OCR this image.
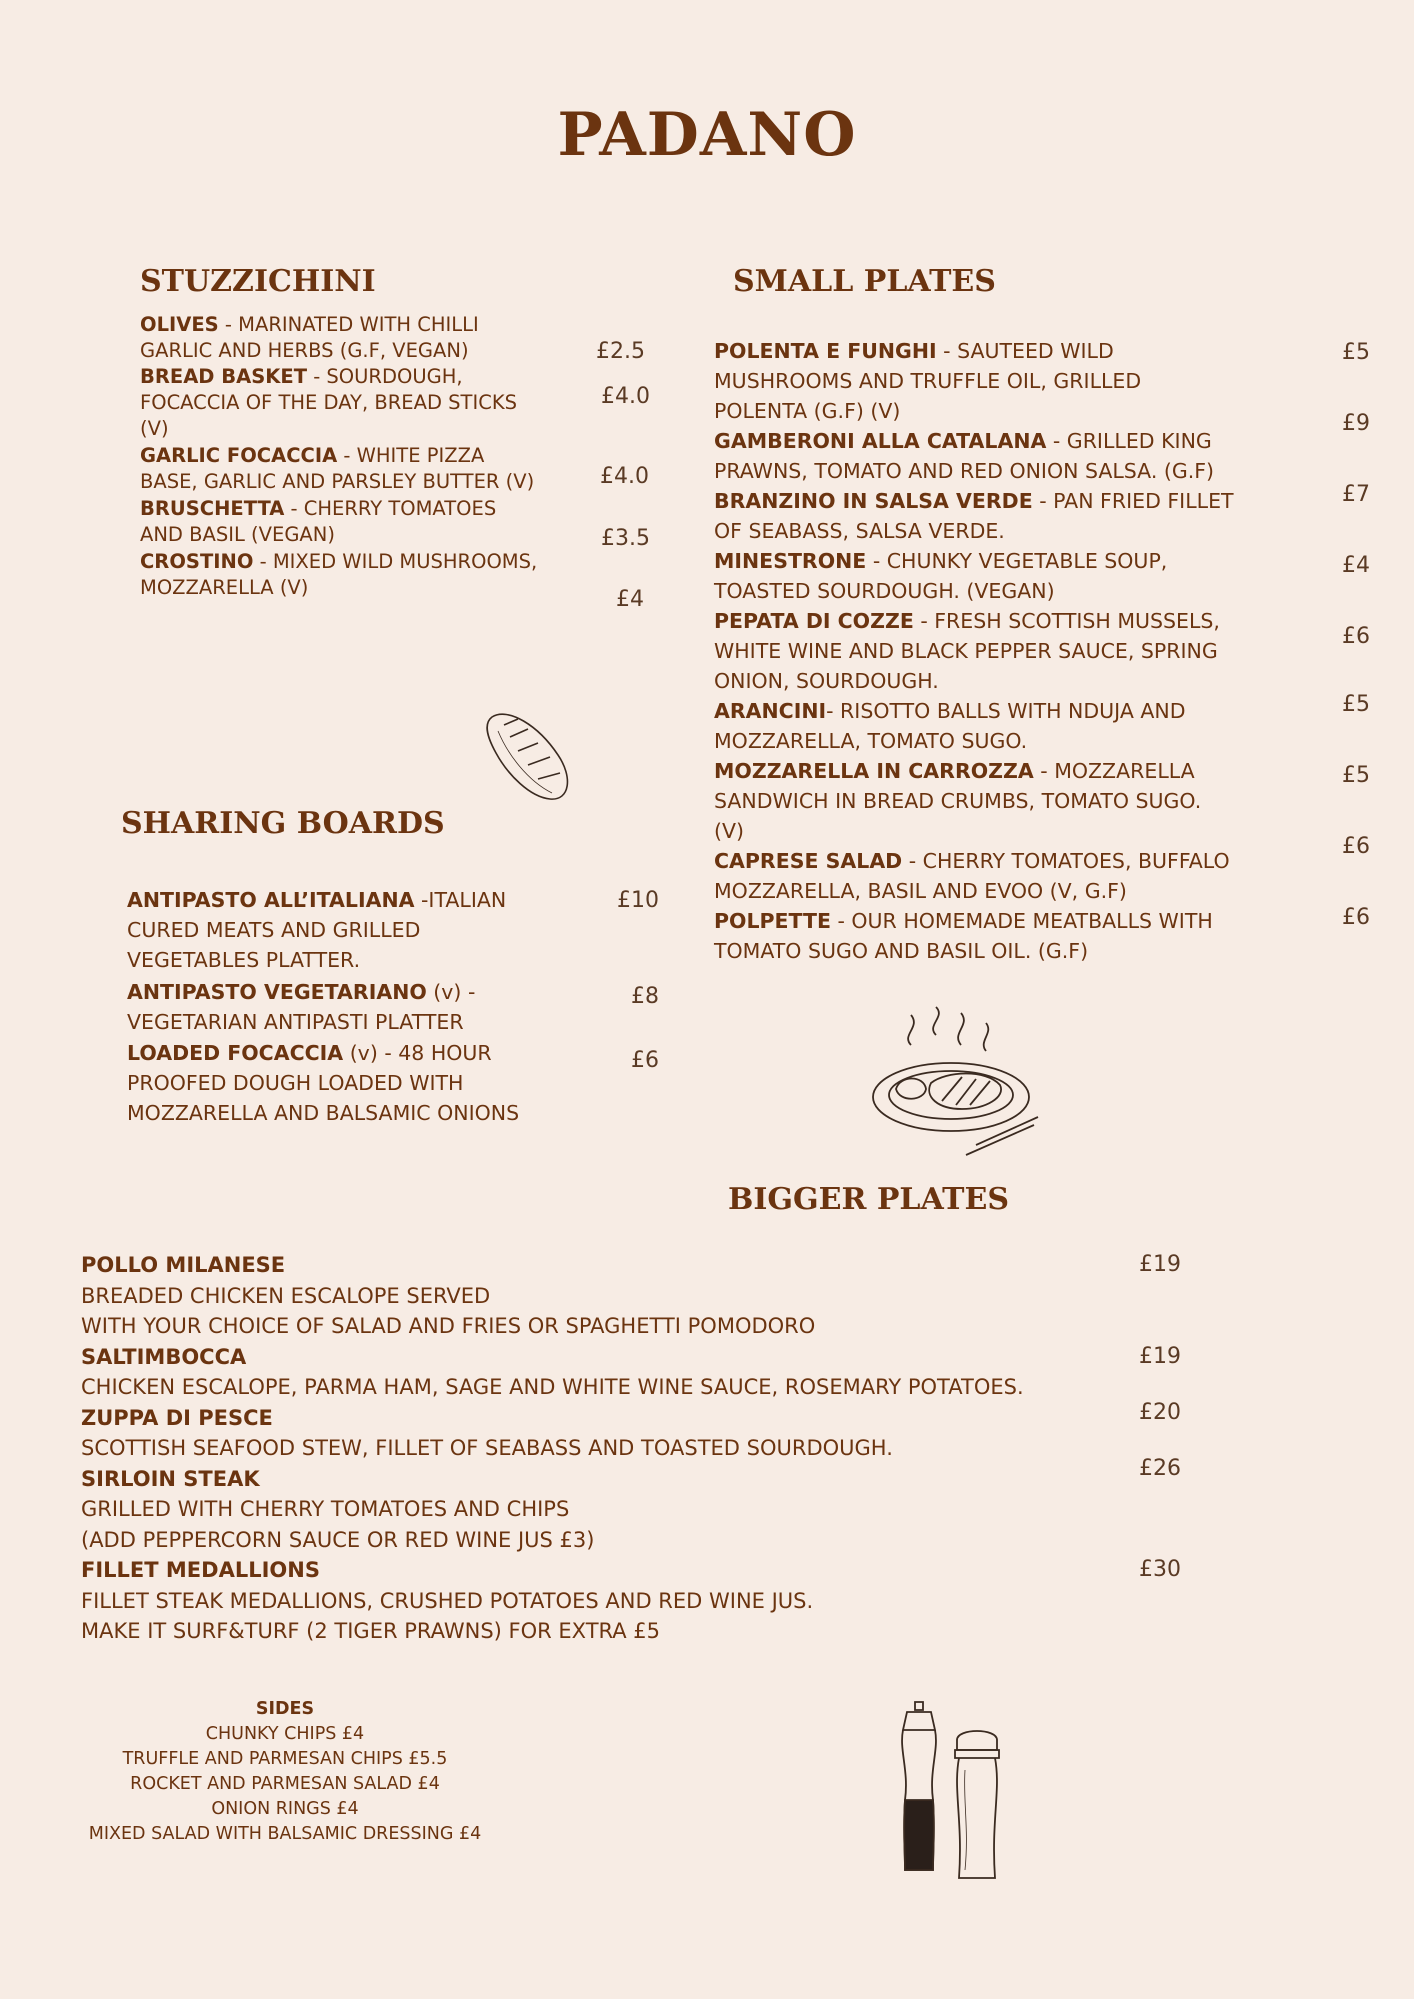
PADANO
STUZZICHINI
OLIVES - MARINATED WITH CHILLI GARLIC AND HERBS (G.F, VEGAN)
BREAD BASKET - SOURDOUGH, FOCACCIA OF THE DAY, BREAD STICKS (V)
GARLIC FOCACCIA - WHITE PIZZA BASE, GARLIC AND PARSLEY BUTTER (V)
BRUSCHETTA - CHERRY TOMATOES AND BASIL (VEGAN)
CROSTINO - MIXED WILD MUSHROOMS, MOZZARELLA (V)
£2.5
£4.0
£4.0
£3.5
£4
SHARING BOARDS
ANTIPASTO ALL’ITALIANA -ITALIAN CURED MEATS AND GRILLED VEGETABLES PLATTER.
ANTIPASTO VEGETARIANO (v) - VEGETARIAN ANTIPASTI PLATTER
LOADED FOCACCIA (v) - 48 HOUR PROOFED DOUGH LOADED WITH MOZZARELLA AND BALSAMIC ONIONS
£10
£8
£6
SMALL PLATES
POLENTA E FUNGHI - SAUTEED WILD MUSHROOMS AND TRUFFLE OIL, GRILLED POLENTA (G.F) (V)
GAMBERONI ALLA CATALANA - GRILLED KING PRAWNS, TOMATO AND RED ONION SALSA. (G.F)
BRANZINO IN SALSA VERDE - PAN FRIED FILLET OF SEABASS, SALSA VERDE.
MINESTRONE - CHUNKY VEGETABLE SOUP, TOASTED SOURDOUGH. (VEGAN)
PEPATA DI COZZE - FRESH SCOTTISH MUSSELS, WHITE WINE AND BLACK PEPPER SAUCE, SPRING ONION, SOURDOUGH.
ARANCINI- RISOTTO BALLS WITH NDUJA AND MOZZARELLA, TOMATO SUGO.
MOZZARELLA IN CARROZZA - MOZZARELLA SANDWICH IN BREAD CRUMBS, TOMATO SUGO. (V)
CAPRESE SALAD - CHERRY TOMATOES, BUFFALO MOZZARELLA, BASIL AND EVOO (V, G.F)
POLPETTE - OUR HOMEMADE MEATBALLS WITH TOMATO SUGO AND BASIL OIL. (G.F)
£5
£9
£7
£4
£6
£5
£5
£6
£6
BIGGER PLATES
POLLO MILANESE
BREADED CHICKEN ESCALOPE SERVED
WITH YOUR CHOICE OF SALAD AND FRIES OR SPAGHETTI POMODORO
£19
SALTIMBOCCA
CHICKEN ESCALOPE, PARMA HAM, SAGE AND WHITE WINE SAUCE, ROSEMARY POTATOES.
£19
ZUPPA DI PESCE
SCOTTISH SEAFOOD STEW, FILLET OF SEABASS AND TOASTED SOURDOUGH.
£20
SIRLOIN STEAK
GRILLED WITH CHERRY TOMATOES AND CHIPS
(ADD PEPPERCORN SAUCE OR RED WINE JUS £3)
£26
FILLET MEDALLIONS
FILLET STEAK MEDALLIONS, CRUSHED POTATOES AND RED WINE JUS.
MAKE IT SURF&TURF (2 TIGER PRAWNS) FOR EXTRA £5
£30
SIDES
CHUNKY CHIPS £4
TRUFFLE AND PARMESAN CHIPS £5.5
ROCKET AND PARMESAN SALAD £4
ONION RINGS £4
MIXED SALAD WITH BALSAMIC DRESSING £4
